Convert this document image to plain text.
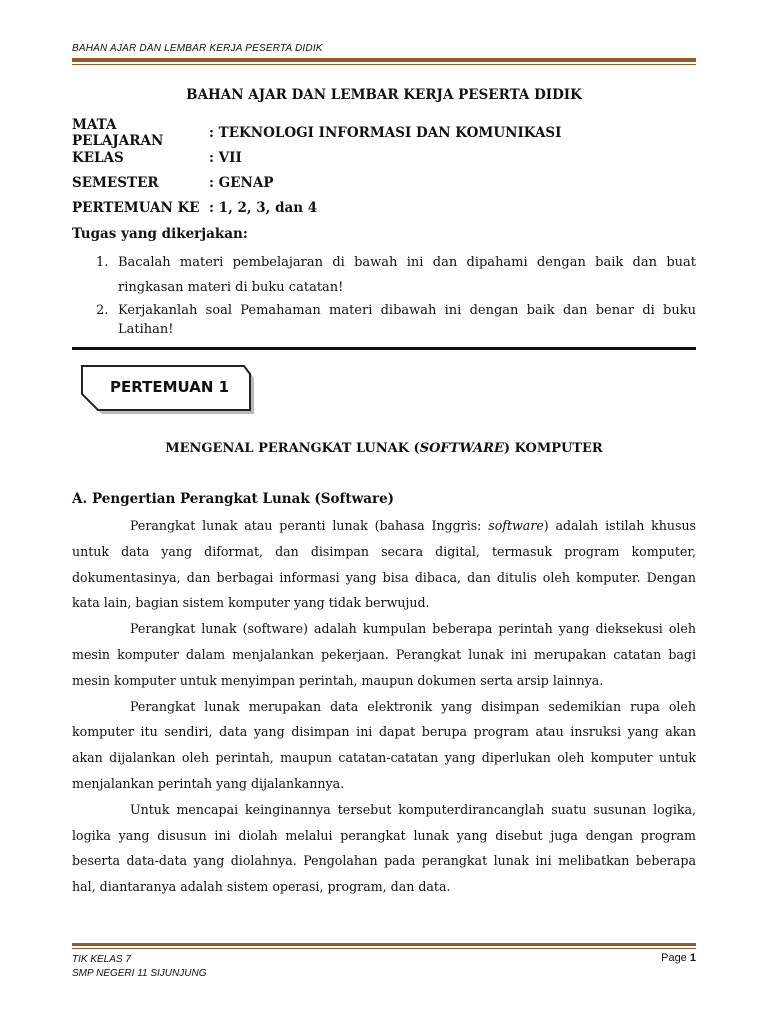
BAHAN AJAR DAN LEMBAR KERJA PESERTA DIDIK
BAHAN AJAR DAN LEMBAR KERJA PESERTA DIDIK
MATA PELAJARAN	: TEKNOLOGI INFORMASI DAN KOMUNIKASI
KELAS	: VII
SEMESTER	: GENAP
PERTEMUAN KE : 1, 2, 3, dan 4
Tugas yang dikerjakan:
1. Bacalah materi pembelajaran di bawah ini dan dipahami dengan baik dan buat ringkasan materi di buku catatan!
2. Kerjakanlah soal Pemahaman materi dibawah ini dengan baik dan benar di buku Latihan!
PERTEMUAN 1
MENGENAL PERANGKAT LUNAK (SOFTWARE) KOMPUTER
A. Pengertian Perangkat Lunak (Software)

Perangkat lunak atau peranti lunak (bahasa Inggris: software) adalah istilah khusus untuk data yang diformat, dan disimpan secara digital, termasuk program komputer, dokumentasinya, dan berbagai informasi yang bisa dibaca, dan ditulis oleh komputer. Dengan kata lain, bagian sistem komputer yang tidak berwujud.

Perangkat lunak (software) adalah kumpulan beberapa perintah yang dieksekusi oleh mesin komputer dalam menjalankan pekerjaan. Perangkat lunak ini merupakan catatan bagi mesin komputer untuk menyimpan perintah, maupun dokumen serta arsip lainnya.

Perangkat lunak merupakan data elektronik yang disimpan sedemikian rupa oleh komputer itu sendiri, data yang disimpan ini dapat berupa program atau insruksi yang akan akan dijalankan oleh perintah, maupun catatan-catatan yang diperlukan oleh komputer untuk menjalankan perintah yang dijalankannya.

Untuk mencapai keinginannya tersebut komputerdirancanglah suatu susunan logika, logika yang disusun ini diolah melalui perangkat lunak yang disebut juga dengan program beserta data-data yang diolahnya. Pengolahan pada perangkat lunak ini melibatkan beberapa hal, diantaranya adalah sistem operasi, program, dan data.

TIK KELAS 7
SMP NEGERI 11 SIJUNJUNG
Page 1
